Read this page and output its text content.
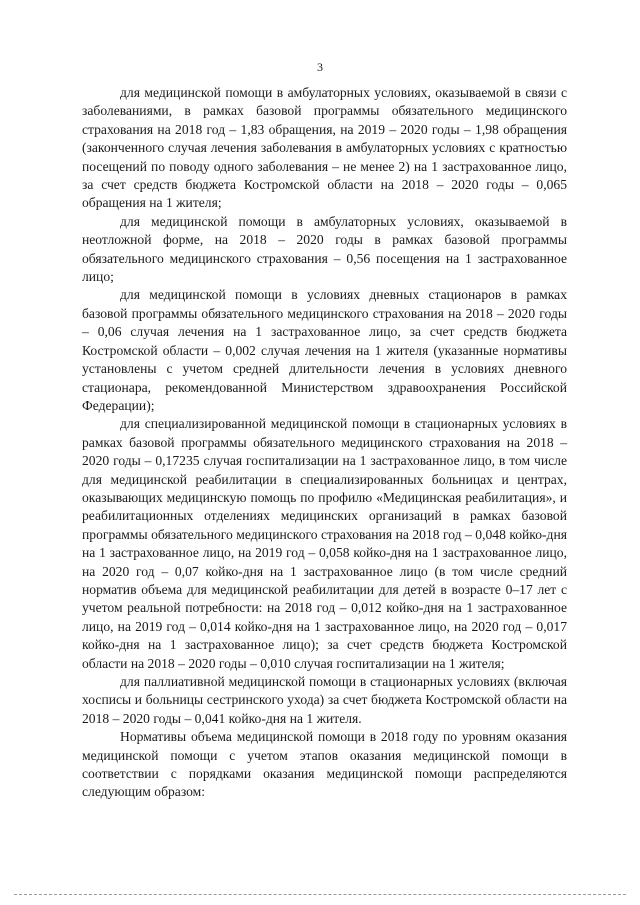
3

для медицинской помощи в амбулаторных условиях, оказываемой в связи с заболеваниями, в рамках базовой программы обязательного медицинского страхования на 2018 год – 1,83 обращения, на 2019 – 2020 годы – 1,98 обращения (законченного случая лечения заболевания в амбулаторных условиях с кратностью посещений по поводу одного заболевания – не менее 2) на 1 застрахованное лицо, за счет средств бюджета Костромской области на 2018 – 2020 годы – 0,065 обращения на 1 жителя;

для медицинской помощи в амбулаторных условиях, оказываемой в неотложной форме, на 2018 – 2020 годы в рамках базовой программы обязательного медицинского страхования – 0,56 посещения на 1 застрахованное лицо;

для медицинской помощи в условиях дневных стационаров в рамках базовой программы обязательного медицинского страхования на 2018 – 2020 годы – 0,06 случая лечения на 1 застрахованное лицо, за счет средств бюджета Костромской области – 0,002 случая лечения на 1 жителя (указанные нормативы установлены с учетом средней длительности лечения в условиях дневного стационара, рекомендованной Министерством здравоохранения Российской Федерации);

для специализированной медицинской помощи в стационарных условиях в рамках базовой программы обязательного медицинского страхования на 2018 – 2020 годы – 0,17235 случая госпитализации на 1 застрахованное лицо, в том числе для медицинской реабилитации в специализированных больницах и центрах, оказывающих медицинскую помощь по профилю «Медицинская реабилитация», и реабилитационных отделениях медицинских организаций в рамках базовой программы обязательного медицинского страхования на 2018 год – 0,048 койко-дня на 1 застрахованное лицо, на 2019 год – 0,058 койко-дня на 1 застрахованное лицо, на 2020 год – 0,07 койко-дня на 1 застрахованное лицо (в том числе средний норматив объема для медицинской реабилитации для детей в возрасте 0–17 лет с учетом реальной потребности: на 2018 год – 0,012 койко-дня на 1 застрахованное лицо, на 2019 год – 0,014 койко-дня на 1 застрахованное лицо, на 2020 год – 0,017 койко-дня на 1 застрахованное лицо); за счет средств бюджета Костромской области на 2018 – 2020 годы – 0,010 случая госпитализации на 1 жителя;

для паллиативной медицинской помощи в стационарных условиях (включая хосписы и больницы сестринского ухода) за счет бюджета Костромской области на 2018 – 2020 годы – 0,041 койко-дня на 1 жителя.

Нормативы объема медицинской помощи в 2018 году по уровням оказания медицинской помощи с учетом этапов оказания медицинской помощи в соответствии с порядками оказания медицинской помощи распределяются следующим образом:
